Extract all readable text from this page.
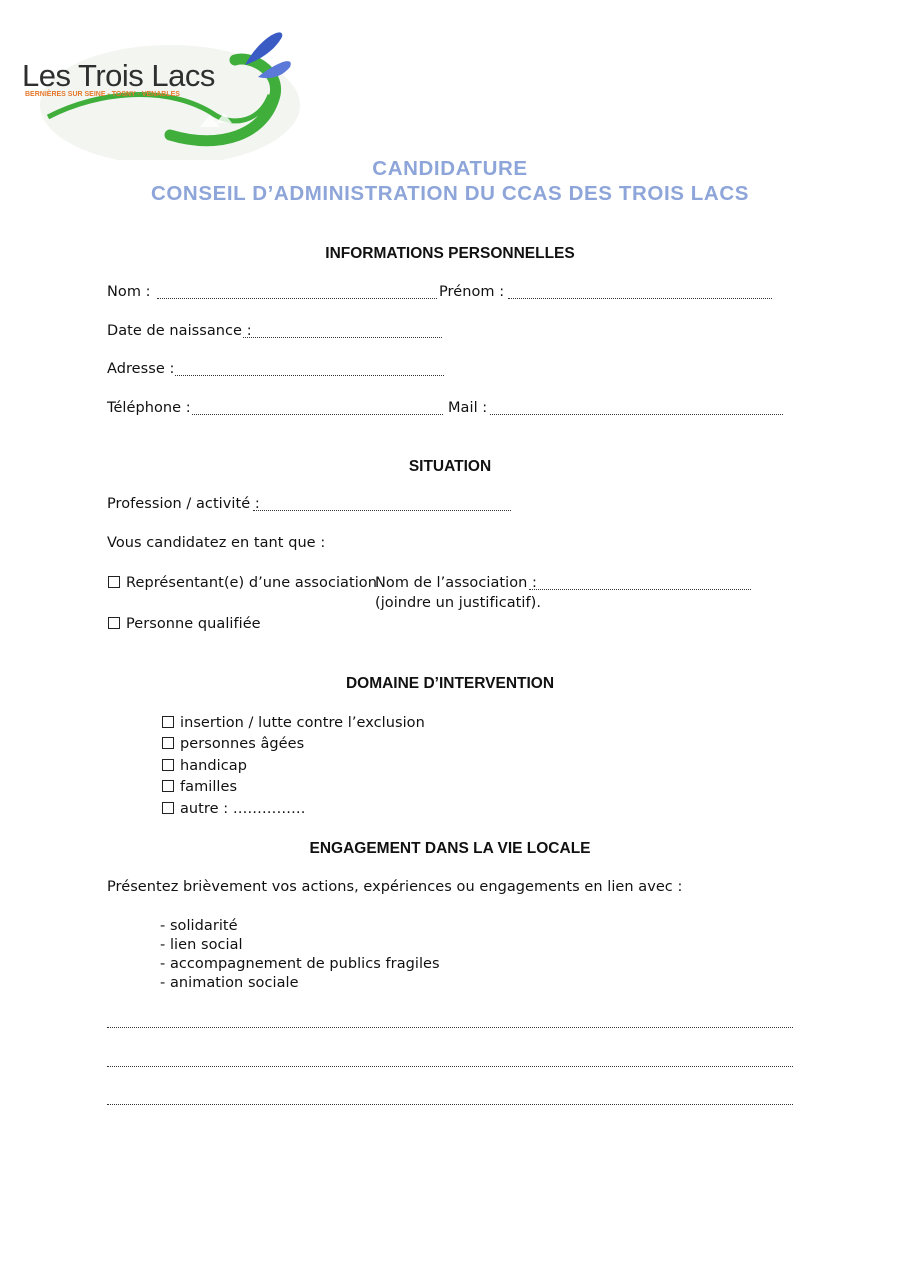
Les Trois Lacs
BERNIÈRES SUR SEINE - TOSNY - VENABLES
CANDIDATURE
CONSEIL D’ADMINISTRATION DU CCAS DES TROIS LACS
INFORMATIONS PERSONNELLES
Nom :	Prénom :
Date de naissance :
Adresse :
Téléphone :	Mail :
SITUATION
Profession / activité :
Vous candidatez en tant que :
Représentant(e) d’une association
Nom de l’association :
(joindre un justificatif).
Personne qualifiée
DOMAINE D’INTERVENTION
insertion / lutte contre l’exclusion
personnes âgées
handicap
familles
autre : ……………
ENGAGEMENT DANS LA VIE LOCALE
Présentez brièvement vos actions, expériences ou engagements en lien avec :
- solidarité
- lien social
- accompagnement de publics fragiles
- animation sociale
